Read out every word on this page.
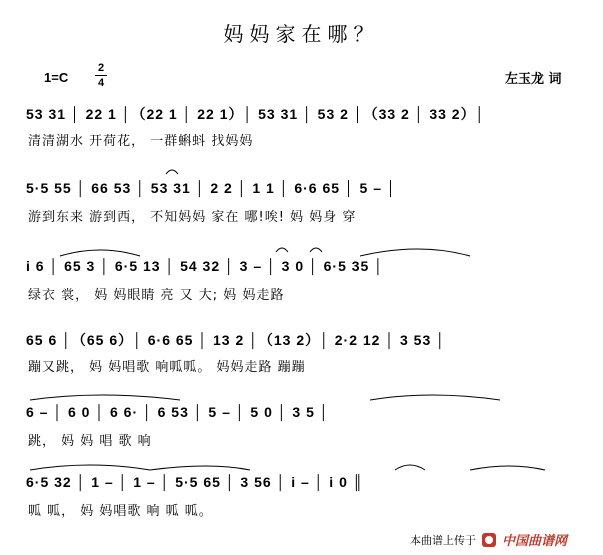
妈妈家在哪？
1=C
2
4	左玉龙 词
53 31 │ 22 1 │（22 1 │ 22 1）│ 53 31 │ 53 2 │（33 2 │ 33 2）│
清清湖水 开荷花， 一群蝌蚪 找妈妈
5·5 55 │ 66 53 │ 53 31 │ 2 2 │ 1 1 │ 6·6 65 │ 5 – │
游到东来 游到西， 不知妈妈 家在 哪!唉! 妈 妈身 穿
i 6 │ 65 3 │ 6·5 13 │ 54 32 │ 3 – │ 3 0 │ 6·5 35 │
绿衣 裳， 妈 妈眼睛 亮 又 大; 妈 妈走路
65 6 │（65 6）│ 6·6 65 │ 13 2 │（13 2）│ 2·2 12 │ 3 53 │
蹦又跳， 妈 妈唱歌 响呱呱。 妈妈走路 蹦蹦
6 – │ 6 0 │ 6 6· │ 6 53 │ 5 – │ 5 0 │ 3 5 │
跳， 妈 妈 唱 歌 响
6·5 32 │ 1 – │ 1 – │ 5·5 65 │ 3 56 │ i – │ i 0 ║
呱 呱， 妈 妈唱歌 响 呱 呱。
本曲谱上传于 中国曲谱网
